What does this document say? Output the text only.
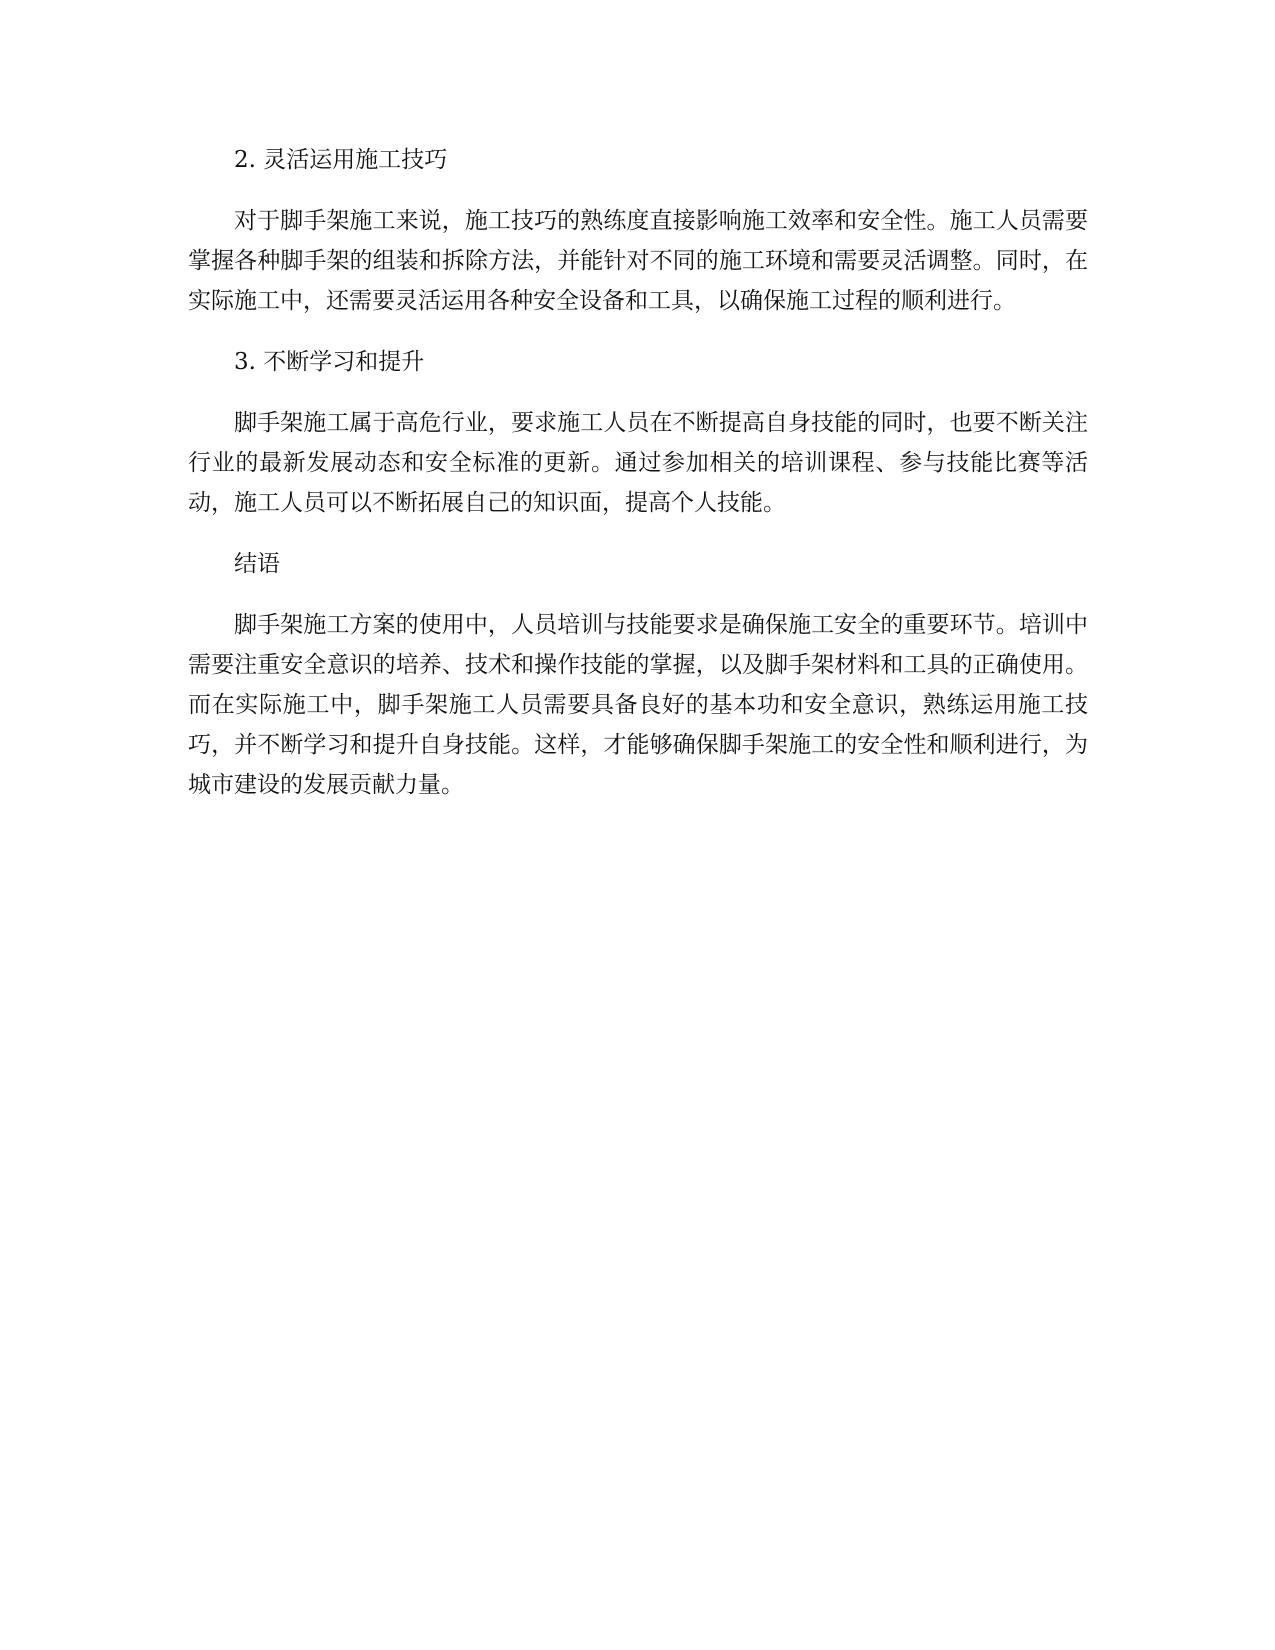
2. 灵活运用施工技巧

对于脚手架施工来说，施工技巧的熟练度直接影响施工效率和安全性。施工人员需要掌握各种脚手架的组装和拆除方法，并能针对不同的施工环境和需要灵活调整。同时，在实际施工中，还需要灵活运用各种安全设备和工具，以确保施工过程的顺利进行。

3. 不断学习和提升

脚手架施工属于高危行业，要求施工人员在不断提高自身技能的同时，也要不断关注行业的最新发展动态和安全标准的更新。通过参加相关的培训课程、参与技能比赛等活动，施工人员可以不断拓展自己的知识面，提高个人技能。

结语

脚手架施工方案的使用中，人员培训与技能要求是确保施工安全的重要环节。培训中需要注重安全意识的培养、技术和操作技能的掌握，以及脚手架材料和工具的正确使用。而在实际施工中，脚手架施工人员需要具备良好的基本功和安全意识，熟练运用施工技巧，并不断学习和提升自身技能。这样，才能够确保脚手架施工的安全性和顺利进行，为城市建设的发展贡献力量。
